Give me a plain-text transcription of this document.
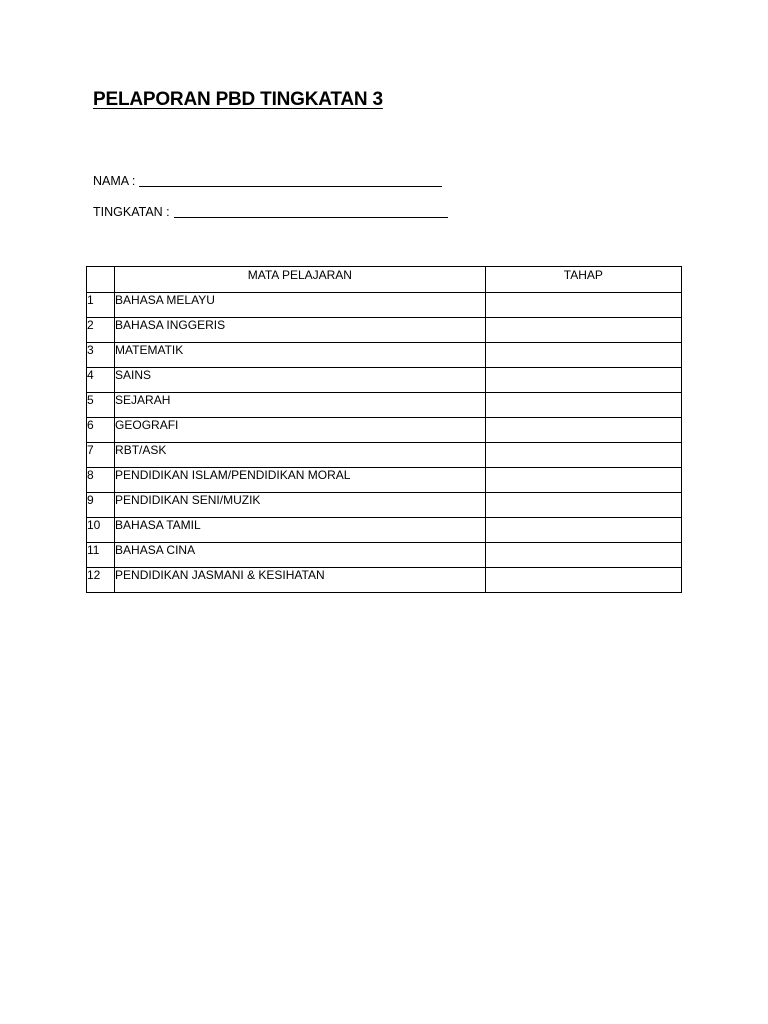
PELAPORAN PBD TINGKATAN 3
NAMA :
TINGKATAN :
	MATA PELAJARAN	TAHAP
1	BAHASA MELAYU	
2	BAHASA INGGERIS	
3	MATEMATIK	
4	SAINS	
5	SEJARAH	
6	GEOGRAFI	
7	RBT/ASK	
8	PENDIDIKAN ISLAM/PENDIDIKAN MORAL	
9	PENDIDIKAN SENI/MUZIK	
10	BAHASA TAMIL	
11	BAHASA CINA	
12	PENDIDIKAN JASMANI & KESIHATAN	
